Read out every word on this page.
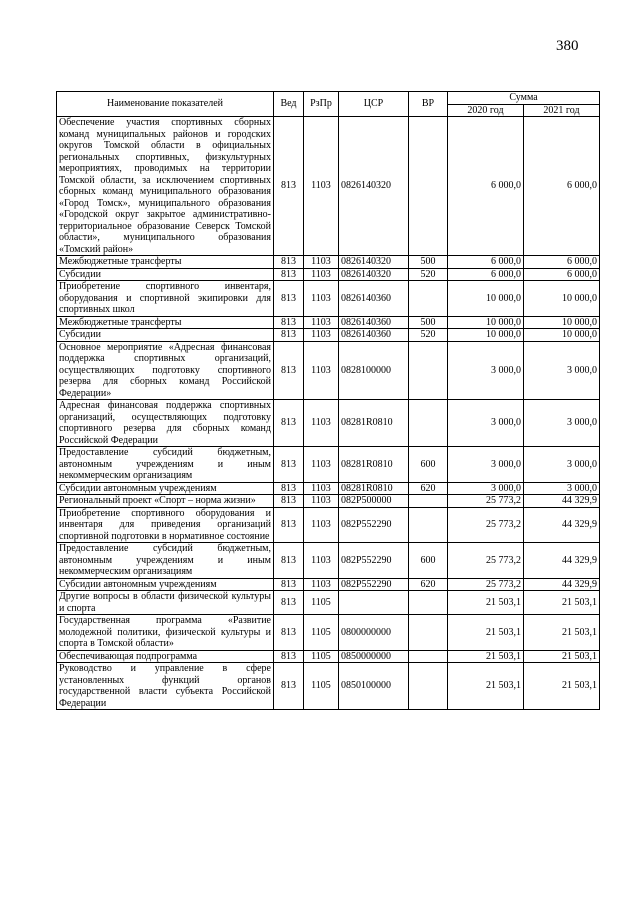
380
Наименование показателей	Вед	РзПр	ЦСР	ВР	Сумма	
					2020 год	2021 год
Обеспечение участия спортивных сборных команд муниципальных районов и городских округов Томской области в официальных региональных спортивных, физкультурных мероприятиях, проводимых на территории Томской области, за исключением спортивных сборных команд муниципального образования «Город Томск», муниципального образования «Городской округ закрытое административно-территориальное образование Северск Томской области», муниципального образования «Томский район»	813	1103	0826140320		6 000,0	6 000,0
Межбюджетные трансферты	813	1103	0826140320	500	6 000,0	6 000,0
Субсидии	813	1103	0826140320	520	6 000,0	6 000,0
Приобретение спортивного инвентаря, оборудования и спортивной экипировки для спортивных школ	813	1103	0826140360		10 000,0	10 000,0
Межбюджетные трансферты	813	1103	0826140360	500	10 000,0	10 000,0
Субсидии	813	1103	0826140360	520	10 000,0	10 000,0
Основное мероприятие «Адресная финансовая поддержка спортивных организаций, осуществляющих подготовку спортивного резерва для сборных команд Российской Федерации»	813	1103	0828100000		3 000,0	3 000,0
Адресная финансовая поддержка спортивных организаций, осуществляющих подготовку спортивного резерва для сборных команд Российской Федерации	813	1103	08281R0810		3 000,0	3 000,0
Предоставление субсидий бюджетным, автономным учреждениям и иным некоммерческим организациям	813	1103	08281R0810	600	3 000,0	3 000,0
Субсидии автономным учреждениям	813	1103	08281R0810	620	3 000,0	3 000,0
Региональный проект «Спорт – норма жизни»	813	1103	082P500000		25 773,2	44 329,9
Приобретение спортивного оборудования и инвентаря для приведения организаций спортивной подготовки в нормативное состояние	813	1103	082P552290		25 773,2	44 329,9
Предоставление субсидий бюджетным, автономным учреждениям и иным некоммерческим организациям	813	1103	082P552290	600	25 773,2	44 329,9
Субсидии автономным учреждениям	813	1103	082P552290	620	25 773,2	44 329,9
Другие вопросы в области физической культуры и спорта	813	1105			21 503,1	21 503,1
Государственная программа «Развитие молодежной политики, физической культуры и спорта в Томской области»	813	1105	0800000000		21 503,1	21 503,1
Обеспечивающая подпрограмма	813	1105	0850000000		21 503,1	21 503,1
Руководство и управление в сфере установленных функций органов государственной власти субъекта Российской Федерации	813	1105	0850100000		21 503,1	21 503,1
